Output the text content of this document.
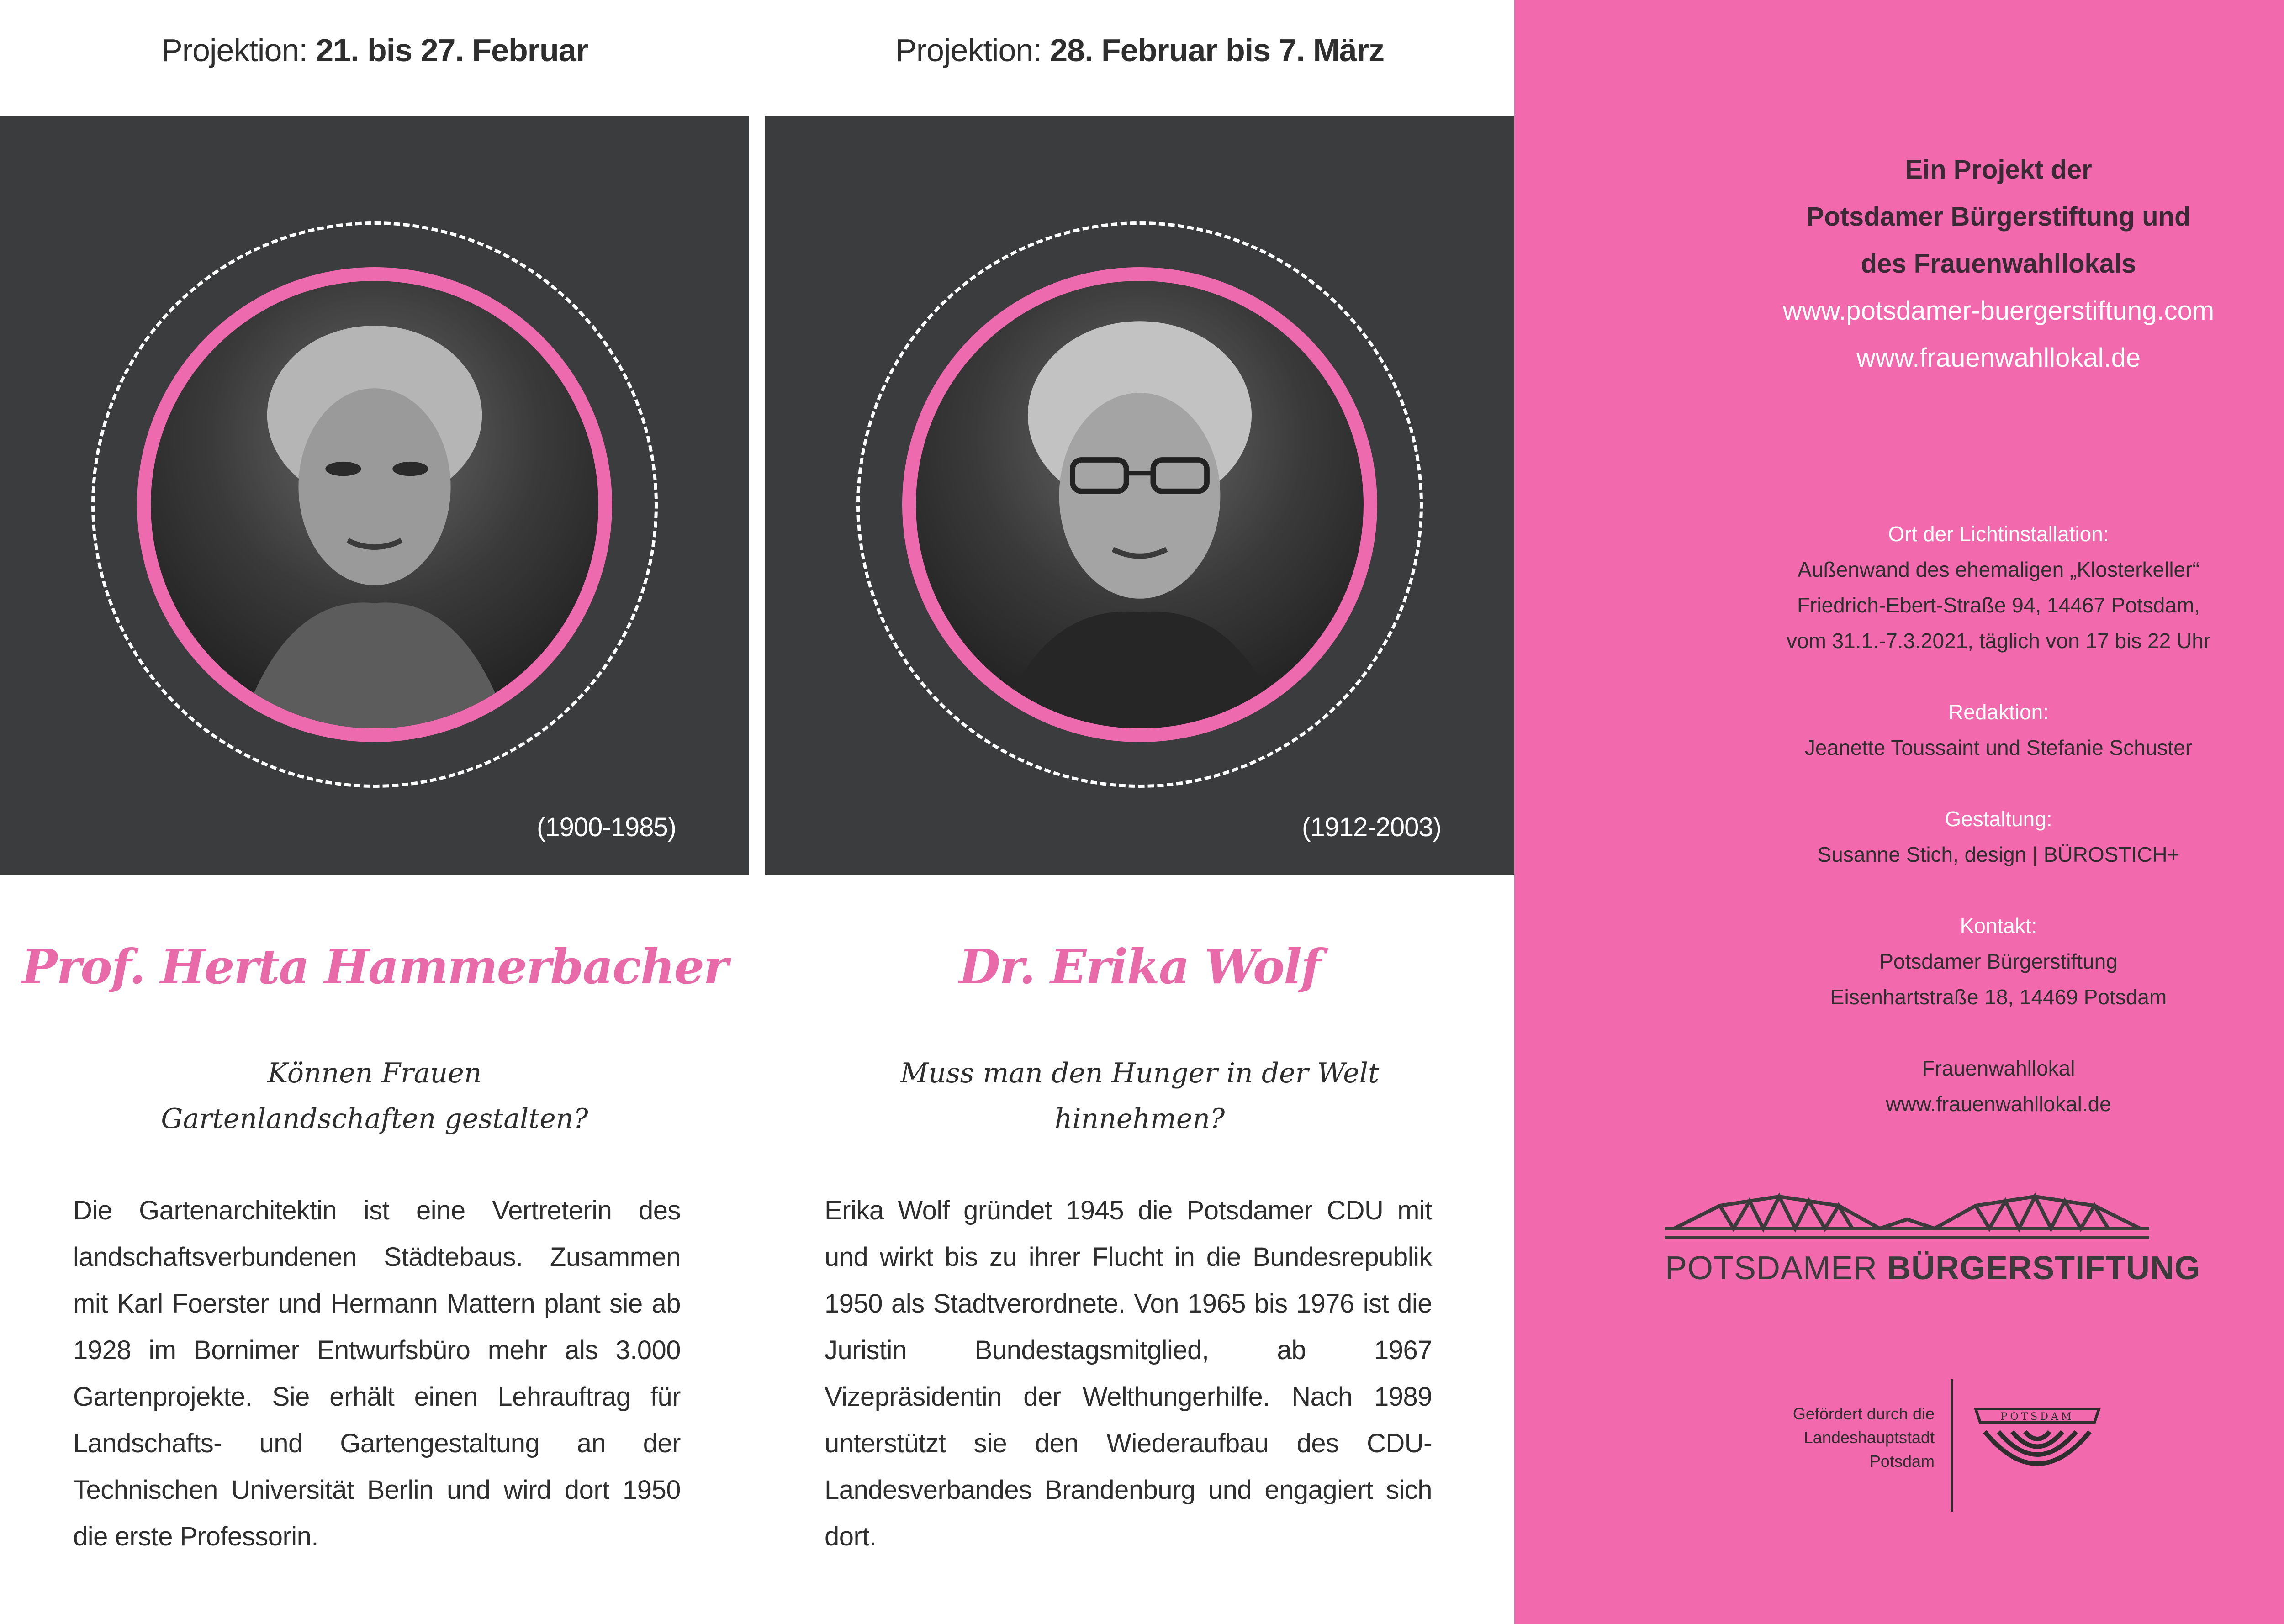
Projektion: 21. bis 27. Februar
(1900-1985)
Prof. Herta Hammerbacher
Können Frauen
Gartenlandschaften gestalten?
Die Gartenarchitektin ist eine Vertreterin des landschaftsverbundenen Städtebaus. Zusammen mit Karl Foerster und Hermann Mattern plant sie ab 1928 im Bornimer Entwurfsbüro mehr als 3.000 Gartenprojekte. Sie erhält einen Lehrauftrag für Landschafts- und Gartengestaltung an der Technischen Universität Berlin und wird dort 1950 die erste Professorin.
Projektion: 28. Februar bis 7. März
(1912-2003)
Dr. Erika Wolf
Muss man den Hunger in der Welt
hinnehmen?
Erika Wolf gründet 1945 die Potsdamer CDU mit und wirkt bis zu ihrer Flucht in die Bundesrepublik 1950 als Stadtverordnete. Von 1965 bis 1976 ist die Juristin Bundestagsmitglied, ab 1967 Vizepräsidentin der Welthungerhilfe. Nach 1989 unterstützt sie den Wiederaufbau des CDU-Landesverbandes Brandenburg und engagiert sich dort.
Ein Projekt der
Potsdamer Bürgerstiftung und
des Frauenwahllokals
www.potsdamer-buergerstiftung.com
www.frauenwahllokal.de
Ort der Lichtinstallation:
Außenwand des ehemaligen „Klosterkeller“
Friedrich-Ebert-Straße 94, 14467 Potsdam,
vom 31.1.-7.3.2021, täglich von 17 bis 22 Uhr
Redaktion:
Jeanette Toussaint und Stefanie Schuster
Gestaltung:
Susanne Stich, design | BÜROSTICH+
Kontakt:
Potsdamer Bürgerstiftung
Eisenhartstraße 18, 14469 Potsdam
Frauenwahllokal
www.frauenwahllokal.de
POTSDAMER BÜRGERSTIFTUNG
Gefördert durch die
Landeshauptstadt
Potsdam
POTSDAM
